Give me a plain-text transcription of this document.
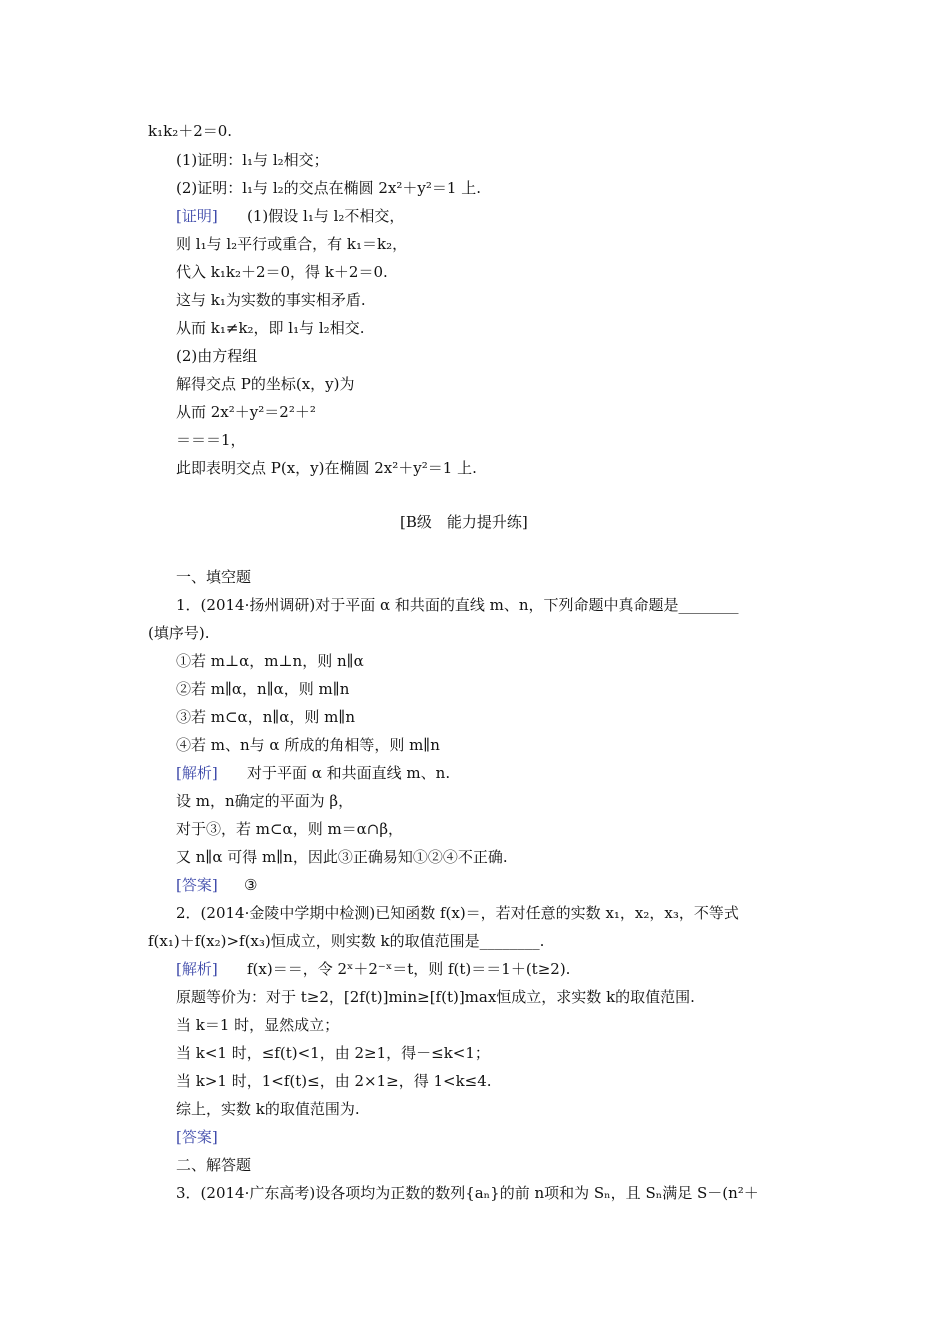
k₁k₂＋2＝0.
(1)证明：l₁与 l₂相交；
(2)证明：l₁与 l₂的交点在椭圆 2x²＋y²＝1 上.
[证明] (1)假设 l₁与 l₂不相交，
则 l₁与 l₂平行或重合，有 k₁＝k₂，
代入 k₁k₂＋2＝0，得 k＋2＝0.
这与 k₁为实数的事实相矛盾.
从而 k₁≠k₂，即 l₁与 l₂相交.
(2)由方程组
解得交点 P的坐标(x，y)为
从而 2x²＋y²＝2²＋²
＝＝＝1，
此即表明交点 P(x，y)在椭圆 2x²＋y²＝1 上.
[B级　能力提升练]
一、填空题
1．(2014·扬州调研)对于平面 α 和共面的直线 m、n，下列命题中真命题是________
(填序号).
①若 m⊥α，m⊥n，则 n∥α
②若 m∥α，n∥α，则 m∥n
③若 m⊂α，n∥α，则 m∥n
④若 m、n与 α 所成的角相等，则 m∥n
[解析] 对于平面 α 和共面直线 m、n.
设 m，n确定的平面为 β，
对于③，若 m⊂α，则 m＝α∩β，
又 n∥α 可得 m∥n，因此③正确易知①②④不正确.
[答案] ③
2．(2014·金陵中学期中检测)已知函数 f(x)＝，若对任意的实数 x₁，x₂，x₃，不等式
f(x₁)＋f(x₂)>f(x₃)恒成立，则实数 k的取值范围是________.
[解析] f(x)＝＝，令 2ˣ＋2⁻ˣ＝t，则 f(t)＝＝1＋(t≥2).
原题等价为：对于 t≥2，[2f(t)]min≥[f(t)]max恒成立，求实数 k的取值范围.
当 k＝1 时，显然成立；
当 k<1 时，≤f(t)<1，由 2≥1，得－≤k<1；
当 k>1 时，1<f(t)≤，由 2×1≥，得 1<k≤4.
综上，实数 k的取值范围为.
[答案]
二、解答题
3．(2014·广东高考)设各项均为正数的数列{aₙ}的前 n项和为 Sₙ，且 Sₙ满足 S－(n²＋
